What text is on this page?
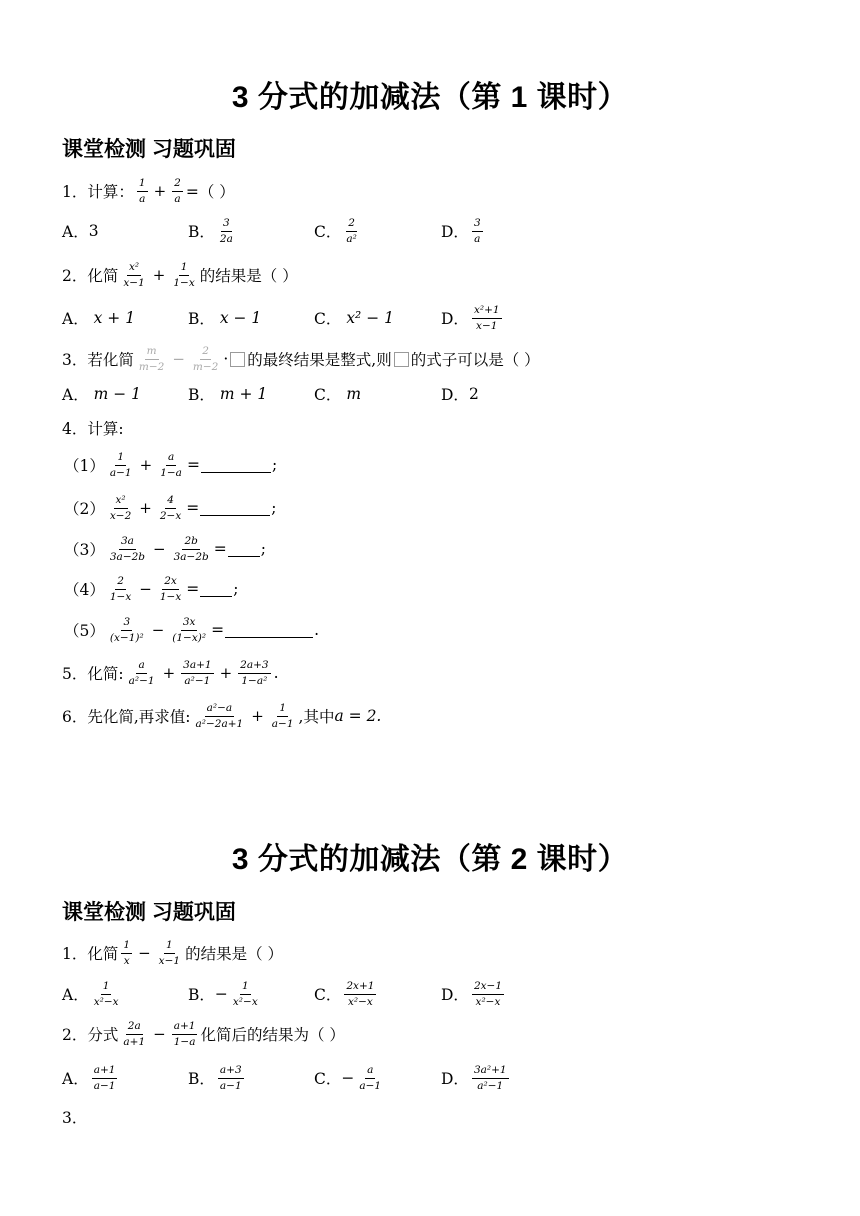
3 分式的加减法（第 1 课时）
课堂检测 习题巩固
1． 计算： $\frac{1}{a} + \frac{2}{a}$ =（ ）
A． 3	B． $\frac{3}{2a}$	C． $\frac{2}{\text{a²}}$	D． $\frac{3}{a}$
2． 化简 $\frac{\text{x²}}{x-1} + \frac{1}{1-x}$ 的结果是（ ）
A．
x + 1	B．
x − 1	C．
x² − 1	D． $\frac{\text{x²+1}}{x-1}$
3． 若化简 $\frac{m}{m-2} - \frac{2}{m-2}$ · 的最终结果是整式,则 的式子可以是（ ）
A．
m − 1	B．
m + 1	C．
m	D． 2
4． 计算:
$(1) \frac{1}{a-1} + \frac{a}{1-a}$ =	;
$(2) \frac{\text{x²}}{x-2} + \frac{4}{2-x}$ =	;
$(3) \frac{3a}{3a-2b} - \frac{2b}{3a-2b}$ = ;
$(4) \frac{2}{1-x} - \frac{2x}{1-x}$ = ;
$(5) \frac{3}{\text{(x−1)²}} - \frac{3x}{\text{(1−x)²}}$ =	.
5． 化简: $\frac{a}{\text{a²−1}} + \frac{3a+1}{\text{a²−1}} + \frac{2a+3}{\text{1−a²}}$ .
6． 先化简,再求值: $\frac{\text{a²−a}}{\text{a²−2a+1}} + \frac{1}{a-1}$ ,其中 a = 2.
3 分式的加减法（第 2 课时）
课堂检测 习题巩固
1． 化简 $\frac{1}{x} - \frac{1}{x-1}$ 的结果是（ ）
A． $\frac{1}{\text{x²−x}}$	B． − $\frac{1}{\text{x²−x}}$	C． $\frac{2x+1}{\text{x²−x}}$	D． $\frac{2x-1}{\text{x²−x}}$
2． 分式 $\frac{2a}{a+1} - \frac{a+1}{1-a}$ 化简后的结果为（ ）
A． $\frac{a+1}{a-1}$	B． $\frac{a+3}{a-1}$	C． − $\frac{a}{a-1}$	D． $\frac{\text{3a²+1}}{\text{a²−1}}$
3．
